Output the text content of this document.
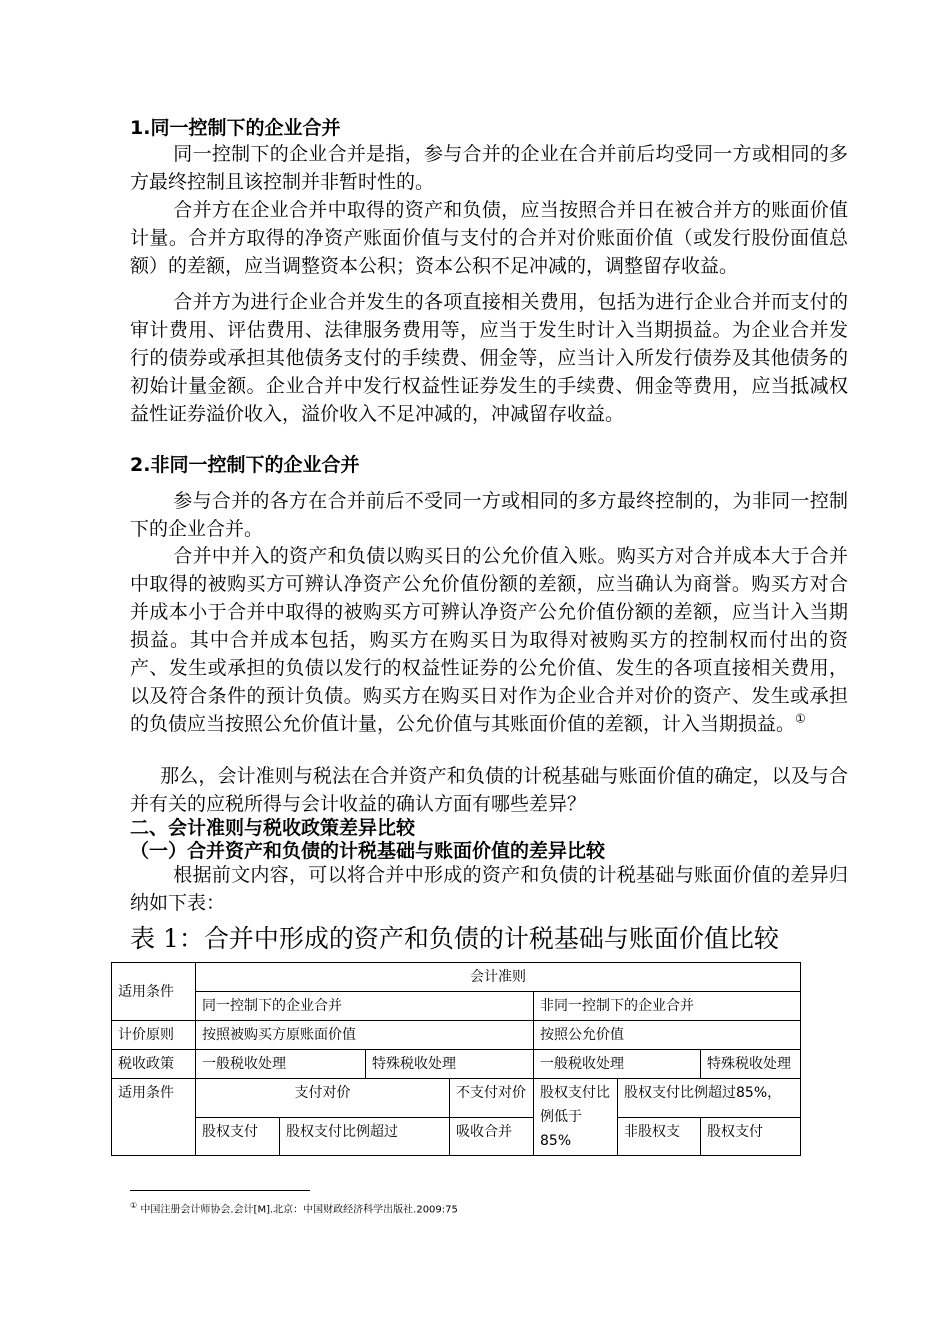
1.同一控制下的企业合并

同一控制下的企业合并是指，参与合并的企业在合并前后均受同一方或相同的多方最终控制且该控制并非暂时性的。

合并方在企业合并中取得的资产和负债，应当按照合并日在被合并方的账面价值计量。合并方取得的净资产账面价值与支付的合并对价账面价值（或发行股份面值总额）的差额，应当调整资本公积；资本公积不足冲减的，调整留存收益。

合并方为进行企业合并发生的各项直接相关费用，包括为进行企业合并而支付的审计费用、评估费用、法律服务费用等，应当于发生时计入当期损益。为企业合并发行的债券或承担其他债务支付的手续费、佣金等，应当计入所发行债券及其他债务的初始计量金额。企业合并中发行权益性证券发生的手续费、佣金等费用，应当抵减权益性证券溢价收入，溢价收入不足冲减的，冲减留存收益。

2.非同一控制下的企业合并

参与合并的各方在合并前后不受同一方或相同的多方最终控制的，为非同一控制下的企业合并。

合并中并入的资产和负债以购买日的公允价值入账。购买方对合并成本大于合并中取得的被购买方可辨认净资产公允价值份额的差额，应当确认为商誉。购买方对合并成本小于合并中取得的被购买方可辨认净资产公允价值份额的差额，应当计入当期损益。其中合并成本包括，购买方在购买日为取得对被购买方的控制权而付出的资产、发生或承担的负债以发行的权益性证券的公允价值、发生的各项直接相关费用，以及符合条件的预计负债。购买方在购买日对作为企业合并对价的资产、发生或承担的负债应当按照公允价值计量，公允价值与其账面价值的差额，计入当期损益。①

那么，会计准则与税法在合并资产和负债的计税基础与账面价值的确定，以及与合并有关的应税所得与会计收益的确认方面有哪些差异？

二、会计准则与税收政策差异比较
（一）合并资产和负债的计税基础与账面价值的差异比较

根据前文内容，可以将合并中形成的资产和负债的计税基础与账面价值的差异归纳如下表：

表 1：合并中形成的资产和负债的计税基础与账面价值比较

适用条件	会计准则						
	同一控制下的企业合并				非同一控制下的企业合并		
计价原则	按照被购买方原账面价值				按照公允价值		
税收政策	一般税收处理		特殊税收处理		一般税收处理		特殊税收处理
适用条件	支付对价			不支付对价	股权支付比例低于85%	股权支付比例超过85%，	
	股权支付	股权支付比例超过		吸收合并		非股权支	股权支付

① 中国注册会计师协会.会计[M].北京：中国财政经济科学出版社.2009:75
